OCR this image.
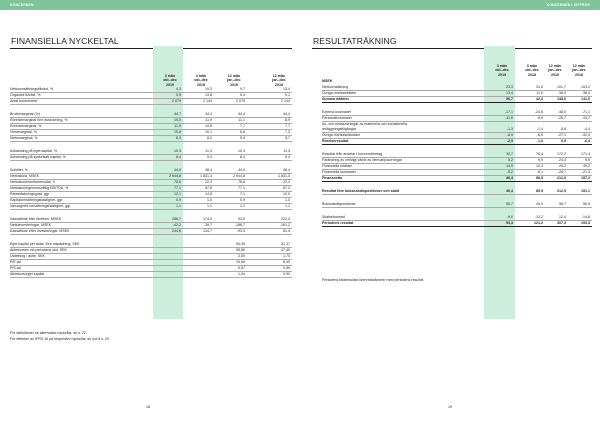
KONCERNEN
FINANSIELLA NYCKELTAL
3 mån
okt–dec
2019
3 mån
okt–dec
2018
12 mån
jan–dec
2019
12 mån
jan–dec
2018
Nettoomsättningstillväxt, %	4,3	19,3	9,7	13,4
Organisk tillväxt, %	0,9	13,8	5,4	9,1
Antal kontor/orter	2 079	2 144	2 079	2 144
Bruttomarginal (%)	44,7	44,4	44,4	44,4
Rörelsemarginal före avskrivning, %	19,5	11,9	11,1	8,9
Rörelsemarginal, %	11,9	10,8	7,7	7,7
Vinstmarginal, %	10,8	10,1	6,8	7,3
Nettomarginal, %	8,3	8,2	5,4	5,7
Avkastning på eget kapital, %	10,3	11,3	10,3	11,3
Avkastning på sysselsatt kapital, %	8,4	9,4	8,4	9,4
Soliditet, %	44,9	48,4	44,9	48,4
Nettoskuld, MSEK	2 944,8	1 831,3	2 944,8	1 831,3
Nettoskuld/rörelseresultat, X	78,6	22,3	78,6	22,3
Nettoskuld/genomsnittlig EBITDA, %	77,1	57,8	77,1	57,2
Räntetäckningsgrad, ggr	12,1	14,8	7,1	10,0
Kapitalomsättningshastighet, ggr	0,9	1,0	0,9	1,0
Varulagrets omsättningshastighet, ggr	1,1	1,1	1,1	1,1
Kassaflöde från rörelsen, MSEK	286,7	174,4	93,6	222,4
Nettoinvesteringar, MSEK	-42,2	-39,7	-186,7	-161,2
Kassaflöde efter investeringar, MSEK	244,6	134,7	-93,0	61,4
Eget kapital per aktie, före utspädning, SEK	54,39	51,37
Aktiekursen vid periodens slut, SEK	59,80	47,40
Utdelning / aktie, SEK	2,00	1,70
P/E-tal	15,56	8,40
P/S-tal	0,57	0,50
Aktiekurs/eget kapital	1,04	0,92
För definitioner se alternativa nyckeltal, se s. 22.
För effekten av IFRS 16 på respektive nyckeltal, se not 8 s. 29
18
KONCERNEN I SIFFROR
RESULTATRÄKNING
3 mån
okt–dec
2019
3 mån
okt–dec
2018
12 mån
jan–dec
2019
12 mån
jan–dec
2018
MSEK
Nettoomsättning	23,3	31,0	101,7	103,2
Övriga rörelseintäkter	13,4	11,0	36,9	38,4
Summa intäkter	36,7	42,0	138,6	141,6
Externa kostnader	-17,1	-24,6	-48,0	-71,1
Personalkostnader	-11,6	-9,9	-26,7	-33,7
Av- och nedskrivningar av materiella och immateriella anläggningstillgångar	-1,3	-1,4	-5,8	-4,4
Övriga rörelsekostnader	-8,9	-6,9	-27,1	-32,4
Rörelseresultat	-2,3	-1,0	0,9	-6,3
Resultat från andelar i koncernföretag	32,7	76,4	172,2	171,4
Förändring av verkligt värde av derivat/placeringar	5,2	9,9	24,3	9,9
Finansiella intäkter	14,9	10,3	26,2	49,2
Finansiella kostnader	-5,2	-8,1	-28,7	-21,3
Finansnetto	46,4	88,5	212,0	157,2
Resultat före bokslutsdispositioner och skatt	46,4	89,5	212,9	151,1
Bokslutsdispositioner	55,7	44,9	96,7	56,9
Skattekostnad	-9,0	-13,2	-12,4	-14,6
Periodens resultat	93,3	121,2	307,3	193,3
19
Periodens totalresultat överensstämmer med periodens resultat.
